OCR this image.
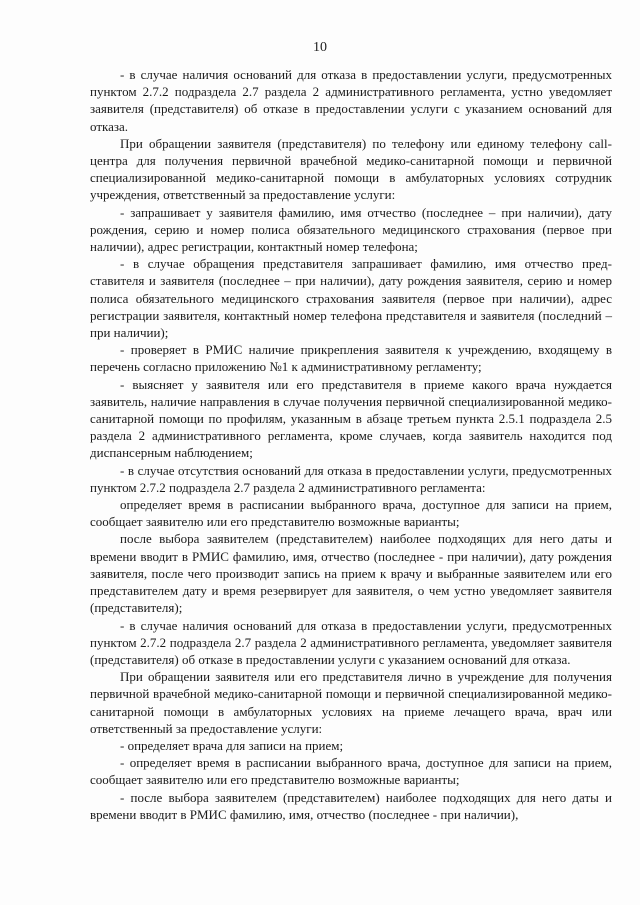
10

- в случае наличия оснований для отказа в предоставлении услуги, предусмотренных пунктом 2.7.2 подраздела 2.7 раздела 2 административного регламента, устно уведомляет заявителя (представителя) об отказе в предоставлении услуги с указанием оснований для отказа.

При обращении заявителя (представителя) по телефону или единому телефону call-центра для получения первичной врачебной медико-санитарной помощи и первичной специализированной медико-санитарной помощи в амбулаторных условиях сотрудник учреждения, ответственный за предоставление услуги:

- запрашивает у заявителя фамилию, имя отчество (последнее – при наличии), дату рождения, серию и номер полиса обязательного медицинского страхования (первое при наличии), адрес регистрации, контактный номер телефона;

- в случае обращения представителя запрашивает фамилию, имя отчество представителя и заявителя (последнее – при наличии), дату рождения заявителя, серию и номер полиса обязательного медицинского страхования заявителя (первое при наличии), адрес регистрации заявителя, контактный номер телефона представителя и заявителя (последний – при наличии);

- проверяет в РМИС наличие прикрепления заявителя к учреждению, входящему в перечень согласно приложению №1 к административному регламенту;

- выясняет у заявителя или его представителя в приеме какого врача нуждается заявитель, наличие направления в случае получения первичной специализированной медико-санитарной помощи по профилям, указанным в абзаце третьем пункта 2.5.1 подраздела 2.5 раздела 2 административного регламента, кроме случаев, когда заявитель находится под диспансерным наблюдением;

- в случае отсутствия оснований для отказа в предоставлении услуги, предусмотренных пунктом 2.7.2 подраздела 2.7 раздела 2 административного регламента:

определяет время в расписании выбранного врача, доступное для записи на прием, сообщает заявителю или его представителю возможные варианты;

после выбора заявителем (представителем) наиболее подходящих для него даты и времени вводит в РМИС фамилию, имя, отчество (последнее - при наличии), дату рождения заявителя, после чего производит запись на прием к врачу и выбранные заявителем или его представителем дату и время резервирует для заявителя, о чем устно уведомляет заявителя (представителя);

- в случае наличия оснований для отказа в предоставлении услуги, предусмотренных пунктом 2.7.2 подраздела 2.7 раздела 2 административного регламента, уведомляет заявителя (представителя) об отказе в предоставлении услуги с указанием оснований для отказа.

При обращении заявителя или его представителя лично в учреждение для получения первичной врачебной медико-санитарной помощи и первичной специализированной медико-санитарной помощи в амбулаторных условиях на приеме лечащего врача, врач или ответственный за предоставление услуги:

- определяет врача для записи на прием;

- определяет время в расписании выбранного врача, доступное для записи на прием, сообщает заявителю или его представителю возможные варианты;

- после выбора заявителем (представителем) наиболее подходящих для него даты и времени вводит в РМИС фамилию, имя, отчество (последнее - при наличии),
